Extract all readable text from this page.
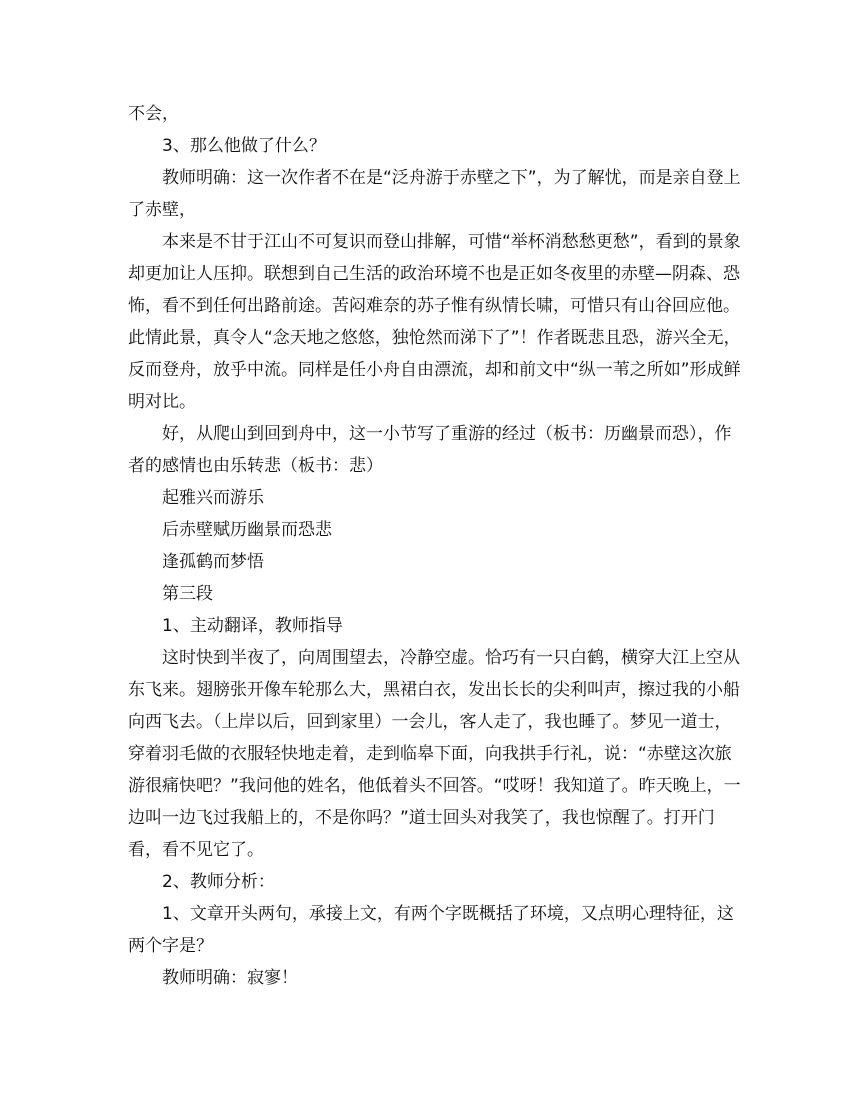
不会，

3、那么他做了什么？

教师明确：这一次作者不在是“泛舟游于赤壁之下”，为了解忧，而是亲自登上了赤壁，

本来是不甘于江山不可复识而登山排解，可惜“举杯消愁愁更愁”，看到的景象却更加让人压抑。联想到自己生活的政治环境不也是正如冬夜里的赤壁—阴森、恐怖，看不到任何出路前途。苦闷难奈的苏子惟有纵情长啸，可惜只有山谷回应他。此情此景，真令人“念天地之悠悠，独怆然而涕下了”！作者既悲且恐，游兴全无，反而登舟，放乎中流。同样是任小舟自由漂流，却和前文中“纵一苇之所如”形成鲜明对比。

好，从爬山到回到舟中，这一小节写了重游的经过（板书：历幽景而恐），作者的感情也由乐转悲（板书：悲）

起雅兴而游乐

后赤壁赋历幽景而恐悲

逢孤鹤而梦悟

第三段

1、主动翻译，教师指导

这时快到半夜了，向周围望去，冷静空虚。恰巧有一只白鹤，横穿大江上空从东飞来。翅膀张开像车轮那么大，黑裙白衣，发出长长的尖利叫声，擦过我的小船向西飞去。（上岸以后，回到家里）一会儿，客人走了，我也睡了。梦见一道士，穿着羽毛做的衣服轻快地走着，走到临皋下面，向我拱手行礼，说：“赤壁这次旅游很痛快吧？”我问他的姓名，他低着头不回答。“哎呀！我知道了。昨天晚上，一边叫一边飞过我船上的，不是你吗？”道士回头对我笑了，我也惊醒了。打开门看，看不见它了。

2、教师分析：

1、文章开头两句，承接上文，有两个字既概括了环境，又点明心理特征，这两个字是？

教师明确：寂寥！
